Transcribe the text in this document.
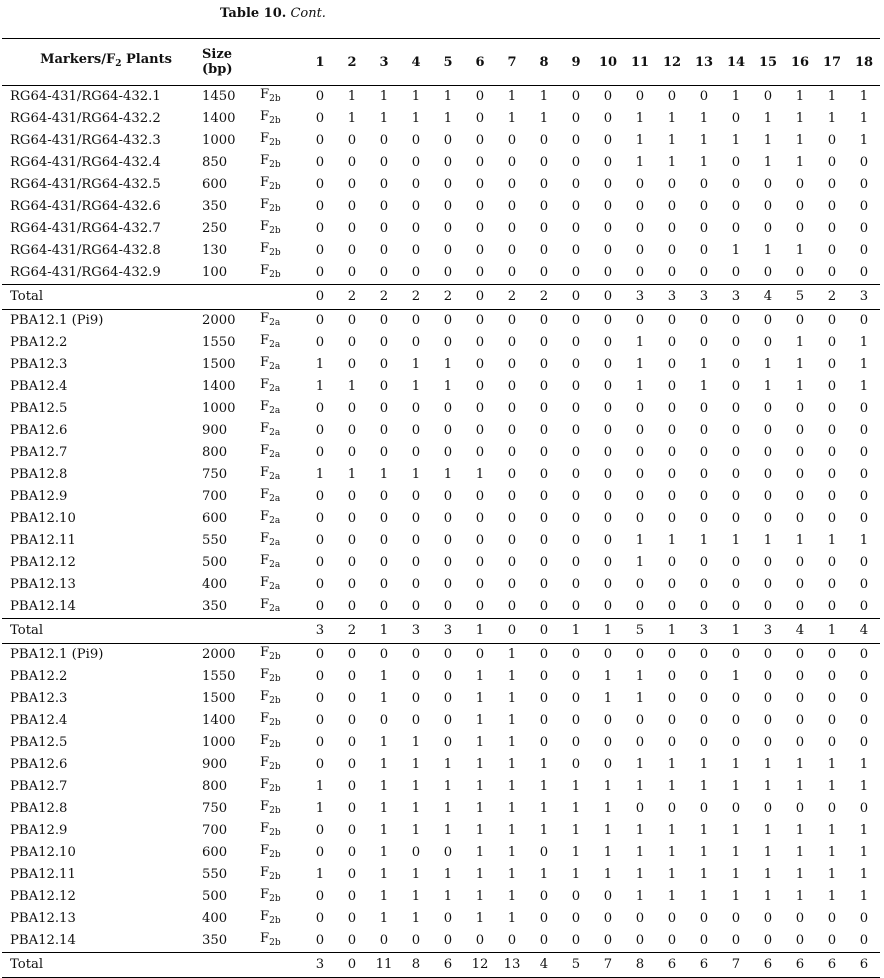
Table 10. Cont.
Markers/$F_2$ Plants	Size
(bp)		1	2	3	4	5	6	7	8	9	10	11	12	13	14	15	16	17	18
RG64-431/RG64-432.1	1450	$F_{2b}$	0	1	1	1	1	0	1	1	0	0	0	0	0	1	0	1	1	1
RG64-431/RG64-432.2	1400	$F_{2b}$	0	1	1	1	1	0	1	1	0	0	1	1	1	0	1	1	1	1
RG64-431/RG64-432.3	1000	$F_{2b}$	0	0	0	0	0	0	0	0	0	0	1	1	1	1	1	1	0	1
RG64-431/RG64-432.4	850	$F_{2b}$	0	0	0	0	0	0	0	0	0	0	1	1	1	0	1	1	0	0
RG64-431/RG64-432.5	600	$F_{2b}$	0	0	0	0	0	0	0	0	0	0	0	0	0	0	0	0	0	0
RG64-431/RG64-432.6	350	$F_{2b}$	0	0	0	0	0	0	0	0	0	0	0	0	0	0	0	0	0	0
RG64-431/RG64-432.7	250	$F_{2b}$	0	0	0	0	0	0	0	0	0	0	0	0	0	0	0	0	0	0
RG64-431/RG64-432.8	130	$F_{2b}$	0	0	0	0	0	0	0	0	0	0	0	0	0	1	1	1	0	0
RG64-431/RG64-432.9	100	$F_{2b}$	0	0	0	0	0	0	0	0	0	0	0	0	0	0	0	0	0	0
Total			0	2	2	2	2	0	2	2	0	0	3	3	3	3	4	5	2	3
PBA12.1 (Pi9)	2000	$F_{2a}$	0	0	0	0	0	0	0	0	0	0	0	0	0	0	0	0	0	0
PBA12.2	1550	$F_{2a}$	0	0	0	0	0	0	0	0	0	0	1	0	0	0	0	1	0	1
PBA12.3	1500	$F_{2a}$	1	0	0	1	1	0	0	0	0	0	1	0	1	0	1	1	0	1
PBA12.4	1400	$F_{2a}$	1	1	0	1	1	0	0	0	0	0	1	0	1	0	1	1	0	1
PBA12.5	1000	$F_{2a}$	0	0	0	0	0	0	0	0	0	0	0	0	0	0	0	0	0	0
PBA12.6	900	$F_{2a}$	0	0	0	0	0	0	0	0	0	0	0	0	0	0	0	0	0	0
PBA12.7	800	$F_{2a}$	0	0	0	0	0	0	0	0	0	0	0	0	0	0	0	0	0	0
PBA12.8	750	$F_{2a}$	1	1	1	1	1	1	0	0	0	0	0	0	0	0	0	0	0	0
PBA12.9	700	$F_{2a}$	0	0	0	0	0	0	0	0	0	0	0	0	0	0	0	0	0	0
PBA12.10	600	$F_{2a}$	0	0	0	0	0	0	0	0	0	0	0	0	0	0	0	0	0	0
PBA12.11	550	$F_{2a}$	0	0	0	0	0	0	0	0	0	0	1	1	1	1	1	1	1	1
PBA12.12	500	$F_{2a}$	0	0	0	0	0	0	0	0	0	0	1	0	0	0	0	0	0	0
PBA12.13	400	$F_{2a}$	0	0	0	0	0	0	0	0	0	0	0	0	0	0	0	0	0	0
PBA12.14	350	$F_{2a}$	0	0	0	0	0	0	0	0	0	0	0	0	0	0	0	0	0	0
Total			3	2	1	3	3	1	0	0	1	1	5	1	3	1	3	4	1	4
PBA12.1 (Pi9)	2000	$F_{2b}$	0	0	0	0	0	0	1	0	0	0	0	0	0	0	0	0	0	0
PBA12.2	1550	$F_{2b}$	0	0	1	0	0	1	1	0	0	1	1	0	0	1	0	0	0	0
PBA12.3	1500	$F_{2b}$	0	0	1	0	0	1	1	0	0	1	1	0	0	0	0	0	0	0
PBA12.4	1400	$F_{2b}$	0	0	0	0	0	1	1	0	0	0	0	0	0	0	0	0	0	0
PBA12.5	1000	$F_{2b}$	0	0	1	1	0	1	1	0	0	0	0	0	0	0	0	0	0	0
PBA12.6	900	$F_{2b}$	0	0	1	1	1	1	1	1	0	0	1	1	1	1	1	1	1	1
PBA12.7	800	$F_{2b}$	1	0	1	1	1	1	1	1	1	1	1	1	1	1	1	1	1	1
PBA12.8	750	$F_{2b}$	1	0	1	1	1	1	1	1	1	1	0	0	0	0	0	0	0	0
PBA12.9	700	$F_{2b}$	0	0	1	1	1	1	1	1	1	1	1	1	1	1	1	1	1	1
PBA12.10	600	$F_{2b}$	0	0	1	0	0	1	1	0	1	1	1	1	1	1	1	1	1	1
PBA12.11	550	$F_{2b}$	1	0	1	1	1	1	1	1	1	1	1	1	1	1	1	1	1	1
PBA12.12	500	$F_{2b}$	0	0	1	1	1	1	1	0	0	0	1	1	1	1	1	1	1	1
PBA12.13	400	$F_{2b}$	0	0	1	1	0	1	1	0	0	0	0	0	0	0	0	0	0	0
PBA12.14	350	$F_{2b}$	0	0	0	0	0	0	0	0	0	0	0	0	0	0	0	0	0	0
Total			3	0	11	8	6	12	13	4	5	7	8	6	6	7	6	6	6	6
